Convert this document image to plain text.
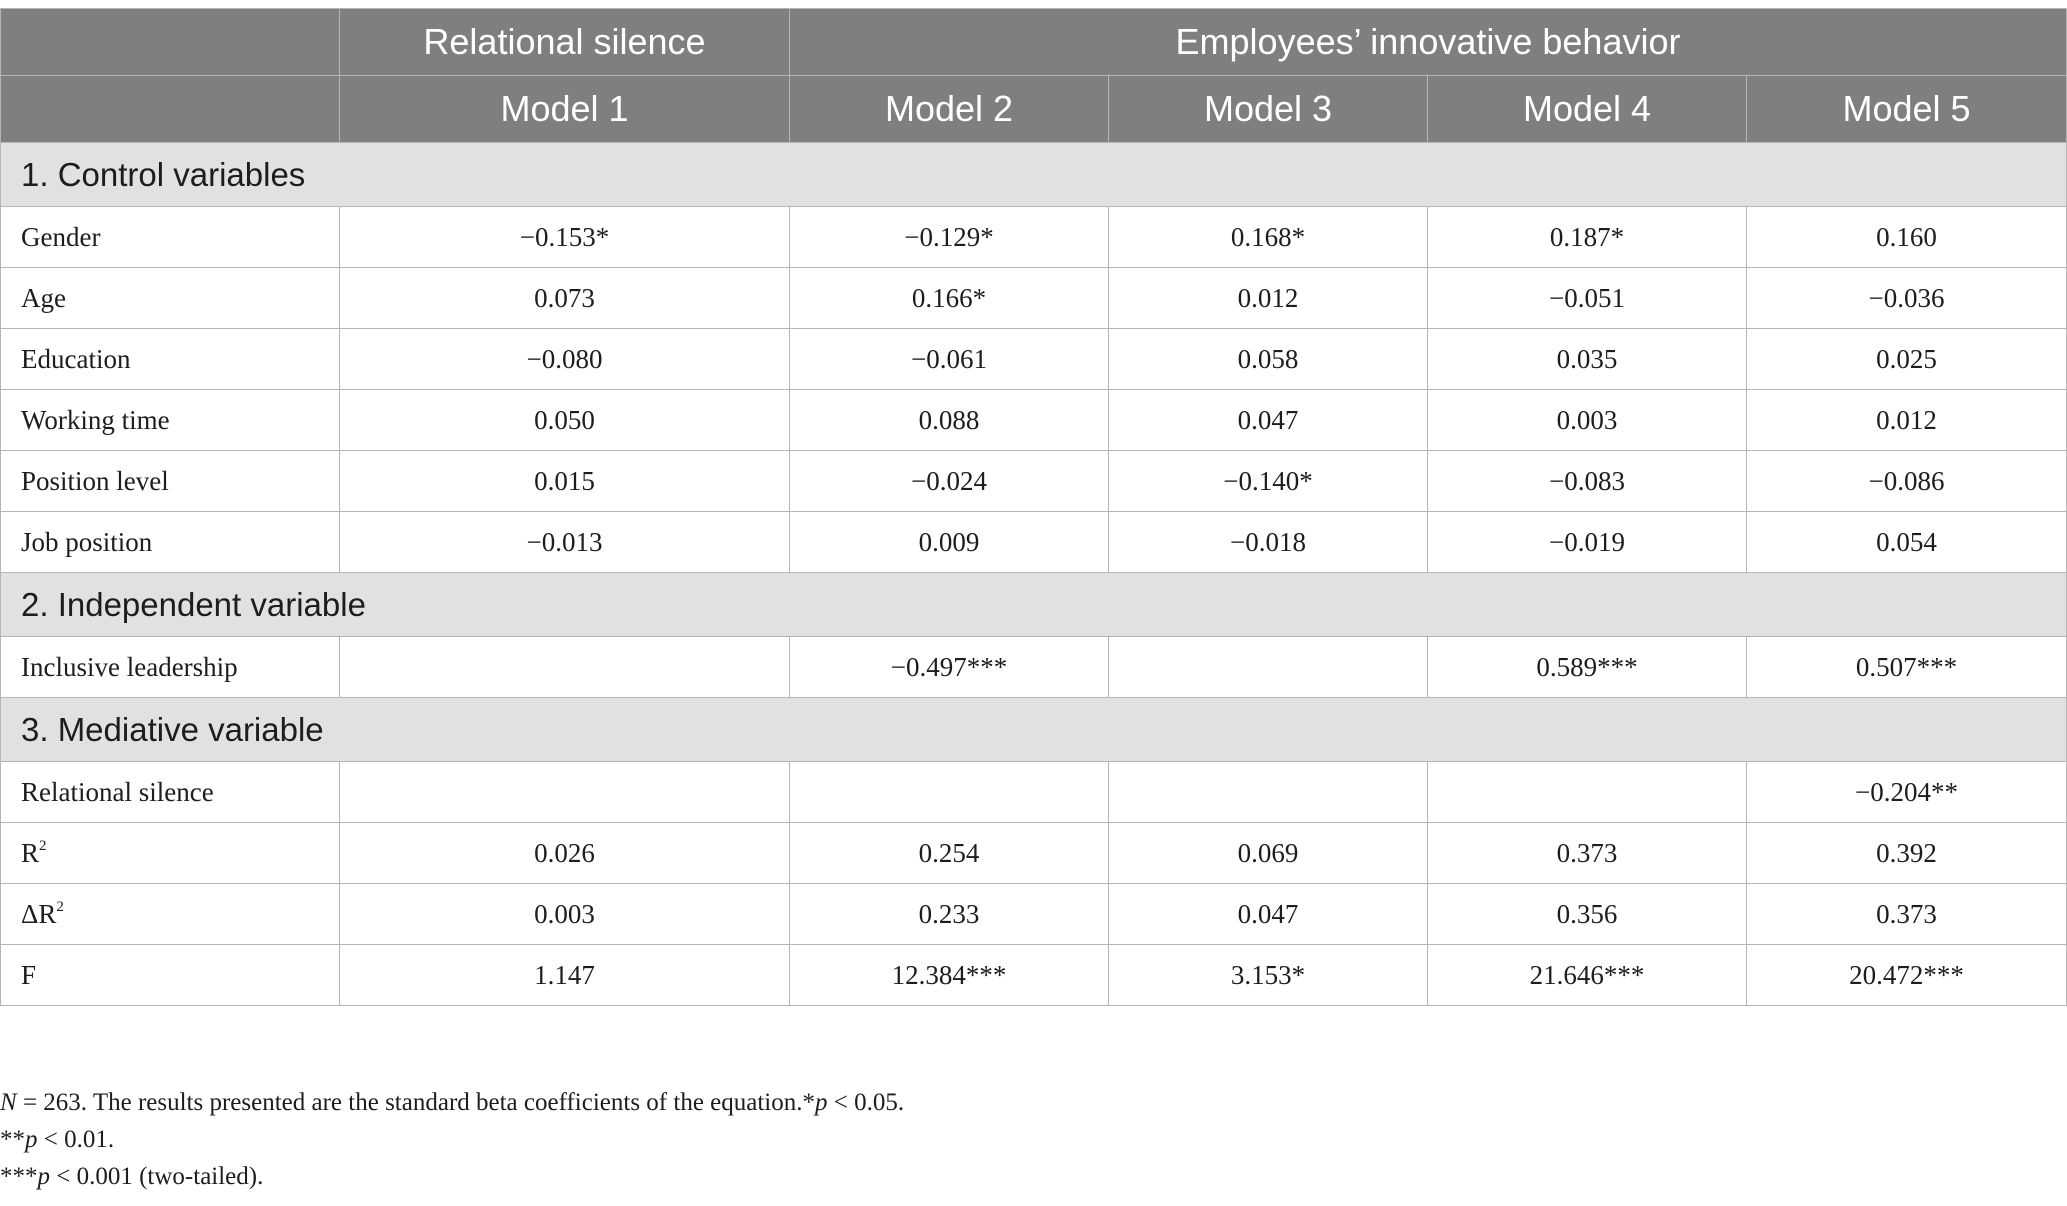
	Relational silence	Employees’ innovative behavior			
	Model 1	Model 2	Model 3	Model 4	Model 5
1. Control variables					
Gender	−0.153*	−0.129*	0.168*	0.187*	0.160
Age	0.073	0.166*	0.012	−0.051	−0.036
Education	−0.080	−0.061	0.058	0.035	0.025
Working time	0.050	0.088	0.047	0.003	0.012
Position level	0.015	−0.024	−0.140*	−0.083	−0.086
Job position	−0.013	0.009	−0.018	−0.019	0.054
2. Independent variable					
Inclusive leadership		−0.497***		0.589***	0.507***
3. Mediative variable					
Relational silence					−0.204**
$R^2$	0.026	0.254	0.069	0.373	0.392
$\Delta R^2$	0.003	0.233	0.047	0.356	0.373
F	1.147	12.384***	3.153*	21.646***	20.472***
N = 263. The results presented are the standard beta coefficients of the equation.*p < 0.05.
**p < 0.01.
***p < 0.001 (two-tailed).
